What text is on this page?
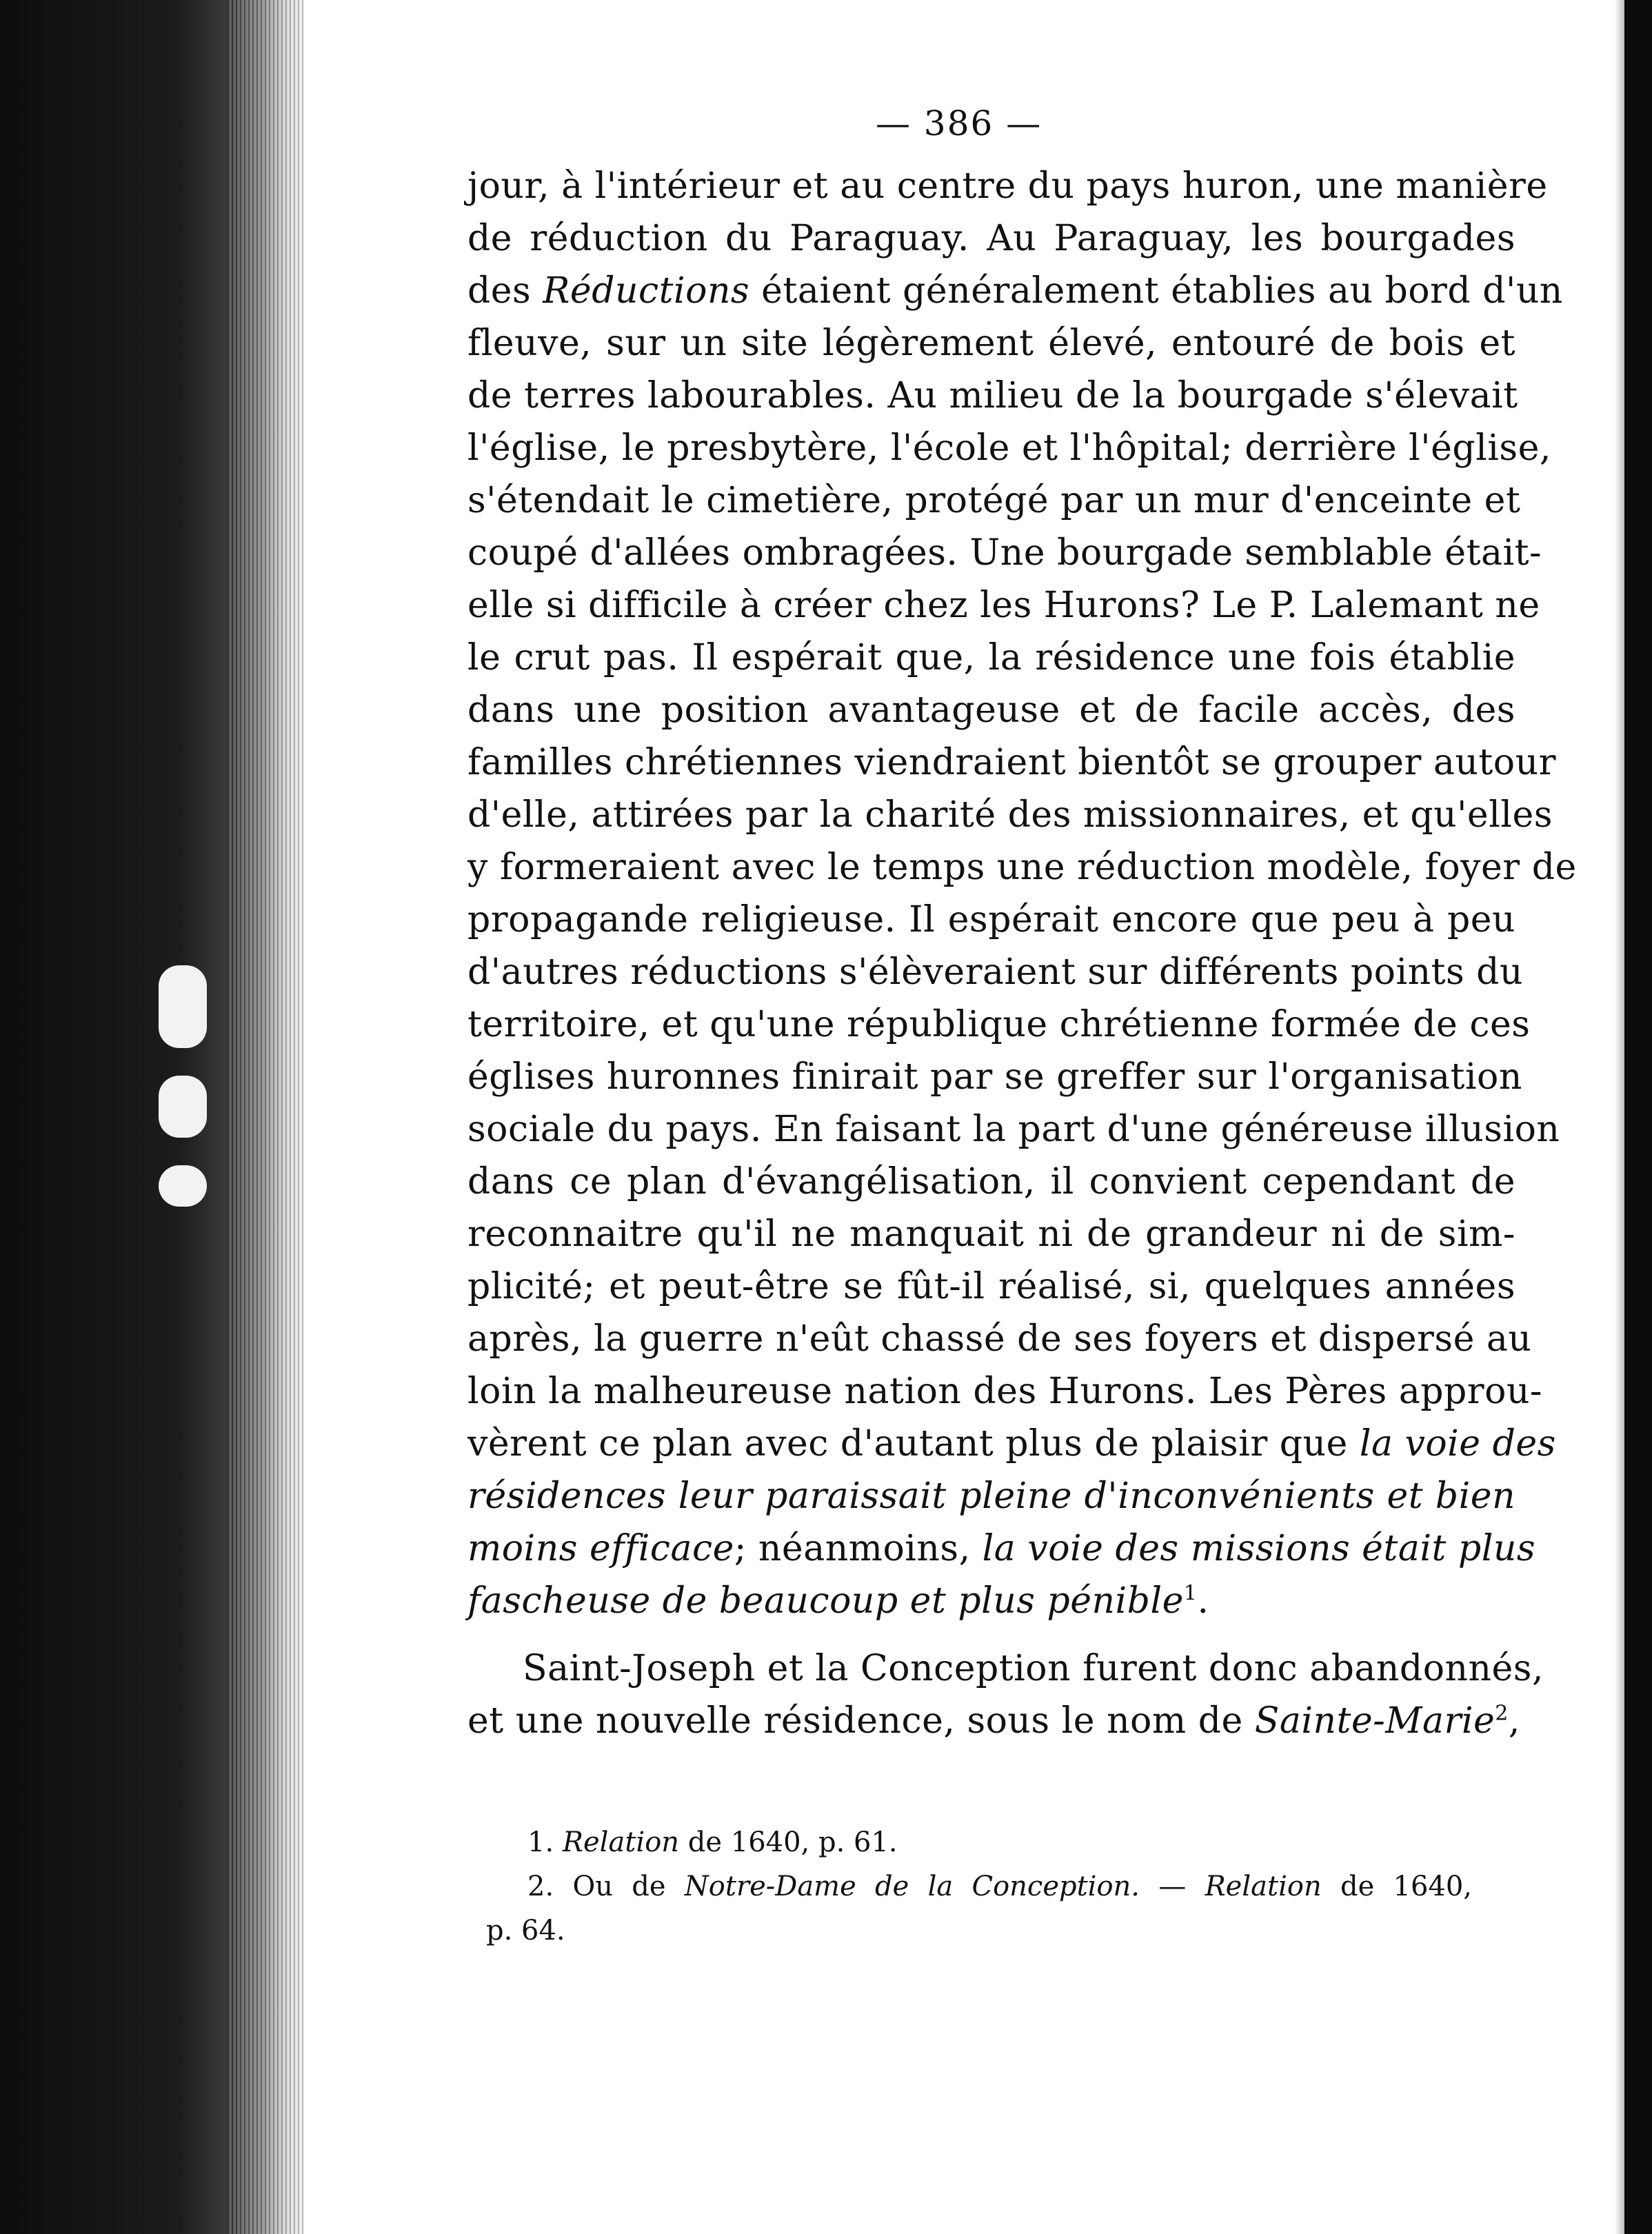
— 386 —
jour, à l'intérieur et au centre du pays huron, une manière
de réduction du Paraguay. Au Paraguay, les bourgades
des Réductions étaient généralement établies au bord d'un
fleuve, sur un site légèrement élevé, entouré de bois et
de terres labourables. Au milieu de la bourgade s'élevait
l'église, le presbytère, l'école et l'hôpital; derrière l'église,
s'étendait le cimetière, protégé par un mur d'enceinte et
coupé d'allées ombragées. Une bourgade semblable était-
elle si difficile à créer chez les Hurons? Le P. Lalemant ne
le crut pas. Il espérait que, la résidence une fois établie
dans une position avantageuse et de facile accès, des
familles chrétiennes viendraient bientôt se grouper autour
d'elle, attirées par la charité des missionnaires, et qu'elles
y formeraient avec le temps une réduction modèle, foyer de
propagande religieuse. Il espérait encore que peu à peu
d'autres réductions s'élèveraient sur différents points du
territoire, et qu'une république chrétienne formée de ces
églises huronnes finirait par se greffer sur l'organisation
sociale du pays. En faisant la part d'une généreuse illusion
dans ce plan d'évangélisation, il convient cependant de
reconnaitre qu'il ne manquait ni de grandeur ni de sim-
plicité; et peut-être se fût-il réalisé, si, quelques années
après, la guerre n'eût chassé de ses foyers et dispersé au
loin la malheureuse nation des Hurons. Les Pères approu-
vèrent ce plan avec d'autant plus de plaisir que la voie des
résidences leur paraissait pleine d'inconvénients et bien
moins efficace; néanmoins, la voie des missions était plus
fascheuse de beaucoup et plus pénible$^1$.
Saint-Joseph et la Conception furent donc abandonnés,
et une nouvelle résidence, sous le nom de Sainte-Marie$^2$,
1. Relation de 1640, p. 61.
2. Ou de Notre-Dame de la Conception. — Relation de 1640,
p. 64.
